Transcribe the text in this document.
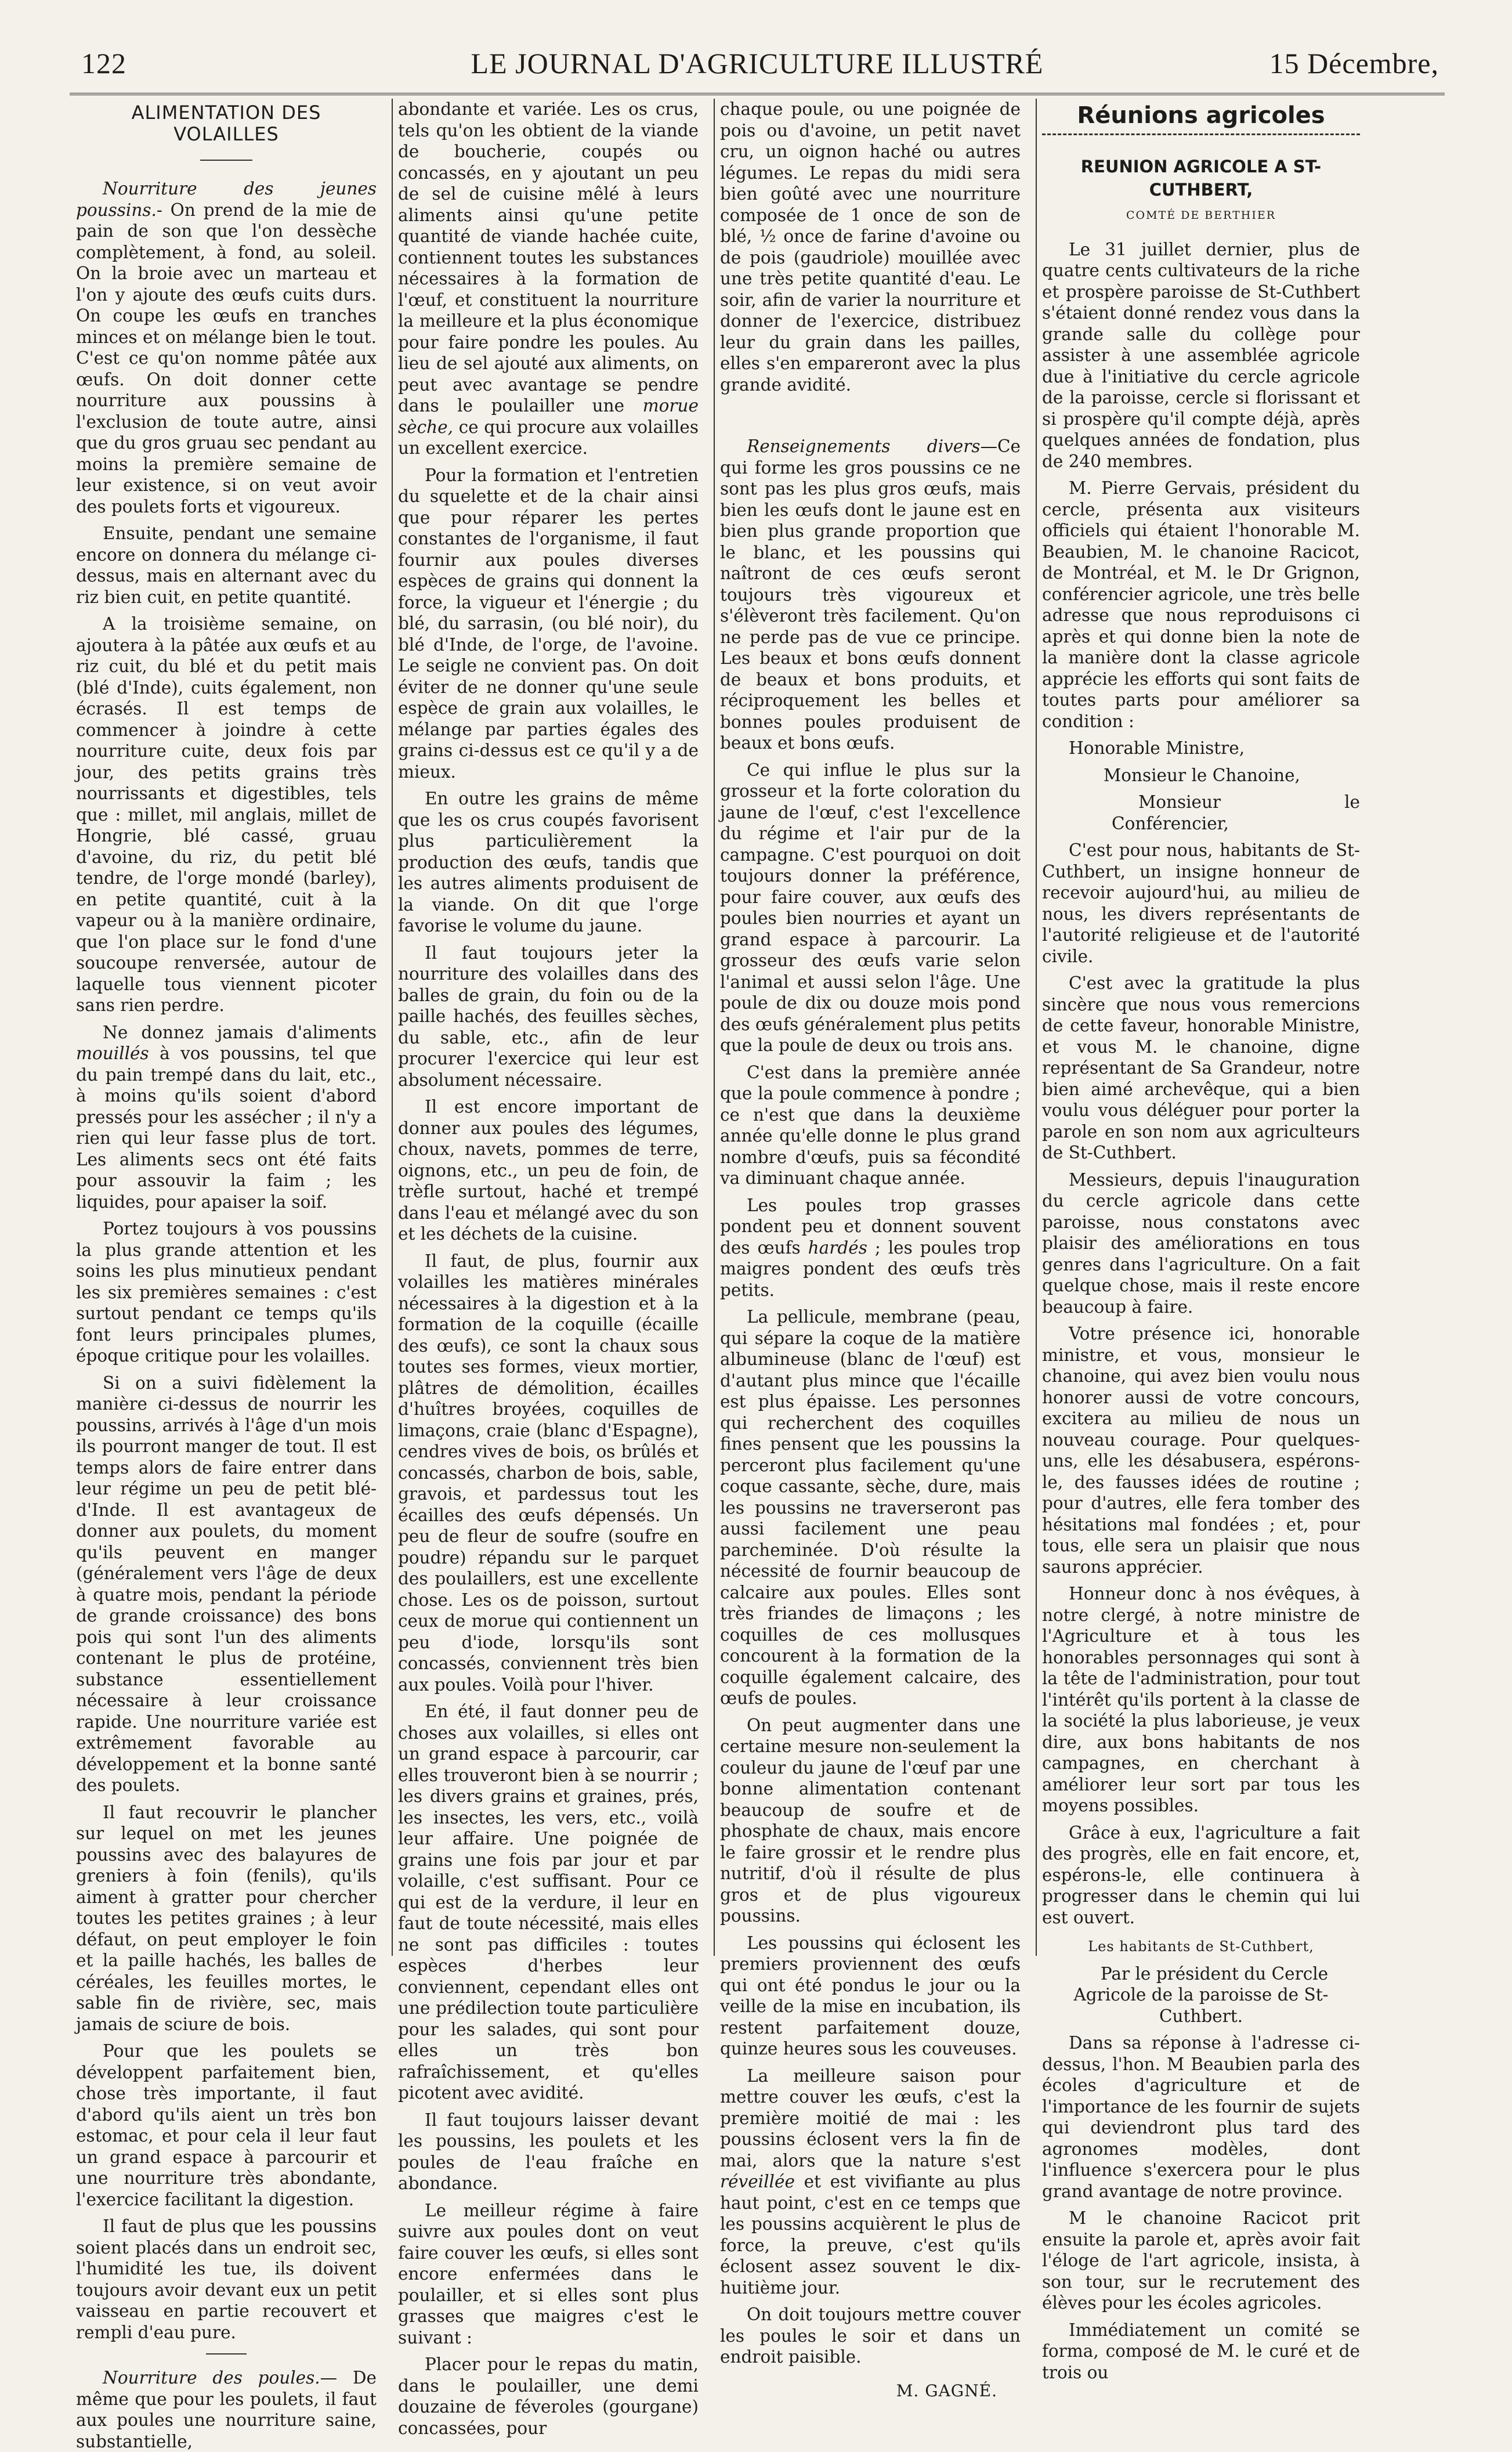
122	LE JOURNAL D'AGRICULTURE ILLUSTRÉ	15 Décembre,
ALIMENTATION DES VOLAILLES

Nourriture des jeunes poussins.- On prend de la mie de pain de son que l'on dessèche complètement, à fond, au soleil. On la broie avec un marteau et l'on y ajoute des œufs cuits durs. On coupe les œufs en tranches minces et on mélange bien le tout. C'est ce qu'on nomme pâtée aux œufs. On doit donner cette nourriture aux poussins à l'exclusion de toute autre, ainsi que du gros gruau sec pendant au moins la première semaine de leur existence, si on veut avoir des poulets forts et vigoureux.

Ensuite, pendant une semaine encore on donnera du mélange ci-dessus, mais en alternant avec du riz bien cuit, en petite quantité.

A la troisième semaine, on ajoutera à la pâtée aux œufs et au riz cuit, du blé et du petit mais (blé d'Inde), cuits également, non écrasés. Il est temps de commencer à joindre à cette nourriture cuite, deux fois par jour, des petits grains très nourrissants et digestibles, tels que : millet, mil anglais, millet de Hongrie, blé cassé, gruau d'avoine, du riz, du petit blé tendre, de l'orge mondé (barley), en petite quantité, cuit à la vapeur ou à la manière ordinaire, que l'on place sur le fond d'une soucoupe renversée, autour de laquelle tous viennent picoter sans rien perdre.

Ne donnez jamais d'aliments mouillés à vos poussins, tel que du pain trempé dans du lait, etc., à moins qu'ils soient d'abord pressés pour les assécher ; il n'y a rien qui leur fasse plus de tort. Les aliments secs ont été faits pour assouvir la faim ; les liquides, pour apaiser la soif.

Portez toujours à vos poussins la plus grande attention et les soins les plus minutieux pendant les six premières semaines : c'est surtout pendant ce temps qu'ils font leurs principales plumes, époque critique pour les volailles.

Si on a suivi fidèlement la manière ci-dessus de nourrir les poussins, arrivés à l'âge d'un mois ils pourront manger de tout. Il est temps alors de faire entrer dans leur régime un peu de petit blé-d'Inde. Il est avantageux de donner aux poulets, du moment qu'ils peuvent en manger (généralement vers l'âge de deux à quatre mois, pendant la période de grande croissance) des bons pois qui sont l'un des aliments contenant le plus de protéine, substance essentiellement nécessaire à leur croissance rapide. Une nourriture variée est extrêmement favorable au développement et la bonne santé des poulets.

Il faut recouvrir le plancher sur lequel on met les jeunes poussins avec des balayures de greniers à foin (fenils), qu'ils aiment à gratter pour chercher toutes les petites graines ; à leur défaut, on peut employer le foin et la paille hachés, les balles de céréales, les feuilles mortes, le sable fin de rivière, sec, mais jamais de sciure de bois.

Pour que les poulets se développent parfaitement bien, chose très importante, il faut d'abord qu'ils aient un très bon estomac, et pour cela il leur faut un grand espace à parcourir et une nourriture très abondante, l'exercice facilitant la digestion.

Il faut de plus que les poussins soient placés dans un endroit sec, l'humidité les tue, ils doivent toujours avoir devant eux un petit vaisseau en partie recouvert et rempli d'eau pure.

Nourriture des poules.— De même que pour les poulets, il faut aux poules une nourriture saine, substantielle,

abondante et variée. Les os crus, tels qu'on les obtient de la viande de boucherie, coupés ou concassés, en y ajoutant un peu de sel de cuisine mêlé à leurs aliments ainsi qu'une petite quantité de viande hachée cuite, contiennent toutes les substances nécessaires à la formation de l'œuf, et constituent la nourriture la meilleure et la plus économique pour faire pondre les poules. Au lieu de sel ajouté aux aliments, on peut avec avantage se pendre dans le poulailler une morue sèche, ce qui procure aux volailles un excellent exercice.

Pour la formation et l'entretien du squelette et de la chair ainsi que pour réparer les pertes constantes de l'organisme, il faut fournir aux poules diverses espèces de grains qui donnent la force, la vigueur et l'énergie ; du blé, du sarrasin, (ou blé noir), du blé d'Inde, de l'orge, de l'avoine. Le seigle ne convient pas. On doit éviter de ne donner qu'une seule espèce de grain aux volailles, le mélange par parties égales des grains ci-dessus est ce qu'il y a de mieux.

En outre les grains de même que les os crus coupés favorisent plus particulièrement la production des œufs, tandis que les autres aliments produisent de la viande. On dit que l'orge favorise le volume du jaune.

Il faut toujours jeter la nourriture des volailles dans des balles de grain, du foin ou de la paille hachés, des feuilles sèches, du sable, etc., afin de leur procurer l'exercice qui leur est absolument nécessaire.

Il est encore important de donner aux poules des légumes, choux, navets, pommes de terre, oignons, etc., un peu de foin, de trèfle surtout, haché et trempé dans l'eau et mélangé avec du son et les déchets de la cuisine.

Il faut, de plus, fournir aux volailles les matières minérales nécessaires à la digestion et à la formation de la coquille (écaille des œufs), ce sont la chaux sous toutes ses formes, vieux mortier, plâtres de démolition, écailles d'huîtres broyées, coquilles de limaçons, craie (blanc d'Espagne), cendres vives de bois, os brûlés et concassés, charbon de bois, sable, gravois, et pardessus tout les écailles des œufs dépensés. Un peu de fleur de soufre (soufre en poudre) répandu sur le parquet des poulaillers, est une excellente chose. Les os de poisson, surtout ceux de morue qui contiennent un peu d'iode, lorsqu'ils sont concassés, conviennent très bien aux poules. Voilà pour l'hiver.

En été, il faut donner peu de choses aux volailles, si elles ont un grand espace à parcourir, car elles trouveront bien à se nourrir ; les divers grains et graines, prés, les insectes, les vers, etc., voilà leur affaire. Une poignée de grains une fois par jour et par volaille, c'est suffisant. Pour ce qui est de la verdure, il leur en faut de toute nécessité, mais elles ne sont pas difficiles : toutes espèces d'herbes leur conviennent, cependant elles ont une prédilection toute particulière pour les salades, qui sont pour elles un très bon rafraîchissement, et qu'elles picotent avec avidité.

Il faut toujours laisser devant les poussins, les poulets et les poules de l'eau fraîche en abondance.

Le meilleur régime à faire suivre aux poules dont on veut faire couver les œufs, si elles sont encore enfermées dans le poulailler, et si elles sont plus grasses que maigres c'est le suivant :

Placer pour le repas du matin, dans le poulailler, une demi douzaine de féveroles (gourgane) concassées, pour

chaque poule, ou une poignée de pois ou d'avoine, un petit navet cru, un oignon haché ou autres légumes. Le repas du midi sera bien goûté avec une nourriture composée de 1 once de son de blé, ½ once de farine d'avoine ou de pois (gaudriole) mouillée avec une très petite quantité d'eau. Le soir, afin de varier la nourriture et donner de l'exercice, distribuez leur du grain dans les pailles, elles s'en empareront avec la plus grande avidité.

Renseignements divers—Ce qui forme les gros poussins ce ne sont pas les plus gros œufs, mais bien les œufs dont le jaune est en bien plus grande proportion que le blanc, et les poussins qui naîtront de ces œufs seront toujours très vigoureux et s'élèveront très facilement. Qu'on ne perde pas de vue ce principe. Les beaux et bons œufs donnent de beaux et bons produits, et réciproquement les belles et bonnes poules produisent de beaux et bons œufs.

Ce qui influe le plus sur la grosseur et la forte coloration du jaune de l'œuf, c'est l'excellence du régime et l'air pur de la campagne. C'est pourquoi on doit toujours donner la préférence, pour faire couver, aux œufs des poules bien nourries et ayant un grand espace à parcourir. La grosseur des œufs varie selon l'animal et aussi selon l'âge. Une poule de dix ou douze mois pond des œufs généralement plus petits que la poule de deux ou trois ans.

C'est dans la première année que la poule commence à pondre ; ce n'est que dans la deuxième année qu'elle donne le plus grand nombre d'œufs, puis sa fécondité va diminuant chaque année.

Les poules trop grasses pondent peu et donnent souvent des œufs hardés ; les poules trop maigres pondent des œufs très petits.

La pellicule, membrane (peau, qui sépare la coque de la matière albumineuse (blanc de l'œuf) est d'autant plus mince que l'écaille est plus épaisse. Les personnes qui recherchent des coquilles fines pensent que les poussins la perceront plus facilement qu'une coque cassante, sèche, dure, mais les poussins ne traverseront pas aussi facilement une peau parcheminée. D'où résulte la nécessité de fournir beaucoup de calcaire aux poules. Elles sont très friandes de limaçons ; les coquilles de ces mollusques concourent à la formation de la coquille également calcaire, des œufs de poules.

On peut augmenter dans une certaine mesure non-seulement la couleur du jaune de l'œuf par une bonne alimentation contenant beaucoup de soufre et de phosphate de chaux, mais encore le faire grossir et le rendre plus nutritif, d'où il résulte de plus gros et de plus vigoureux poussins.

Les poussins qui éclosent les premiers proviennent des œufs qui ont été pondus le jour ou la veille de la mise en incubation, ils restent parfaitement douze, quinze heures sous les couveuses.

La meilleure saison pour mettre couver les œufs, c'est la première moitié de mai : les poussins éclosent vers la fin de mai, alors que la nature s'est réveillée et est vivifiante au plus haut point, c'est en ce temps que les poussins acquièrent le plus de force, la preuve, c'est qu'ils éclosent assez souvent le dix-huitième jour.

On doit toujours mettre couver les poules le soir et dans un endroit paisible.

M. GAGNÉ.
Réunions agricoles
REUNION AGRICOLE A ST-CUTHBERT,
COMTÉ DE BERTHIER

Le 31 juillet dernier, plus de quatre cents cultivateurs de la riche et prospère paroisse de St-Cuthbert s'étaient donné rendez vous dans la grande salle du collège pour assister à une assemblée agricole due à l'initiative du cercle agricole de la paroisse, cercle si florissant et si prospère qu'il compte déjà, après quelques années de fondation, plus de 240 membres.

M. Pierre Gervais, président du cercle, présenta aux visiteurs officiels qui étaient l'honorable M. Beaubien, M. le chanoine Racicot, de Montréal, et M. le Dr Grignon, conférencier agricole, une très belle adresse que nous reproduisons ci après et qui donne bien la note de la manière dont la classe agricole apprécie les efforts qui sont faits de toutes parts pour améliorer sa condition :

Honorable Ministre,

Monsieur le Chanoine,

Monsieur le Conférencier,

C'est pour nous, habitants de St-Cuthbert, un insigne honneur de recevoir aujourd'hui, au milieu de nous, les divers représentants de l'autorité religieuse et de l'autorité civile.

C'est avec la gratitude la plus sincère que nous vous remercions de cette faveur, honorable Ministre, et vous M. le chanoine, digne représentant de Sa Grandeur, notre bien aimé archevêque, qui a bien voulu vous déléguer pour porter la parole en son nom aux agriculteurs de St-Cuthbert.

Messieurs, depuis l'inauguration du cercle agricole dans cette paroisse, nous constatons avec plaisir des améliorations en tous genres dans l'agriculture. On a fait quelque chose, mais il reste encore beaucoup à faire.

Votre présence ici, honorable ministre, et vous, monsieur le chanoine, qui avez bien voulu nous honorer aussi de votre concours, excitera au milieu de nous un nouveau courage. Pour quelques-uns, elle les désabusera, espérons-le, des fausses idées de routine ; pour d'autres, elle fera tomber des hésitations mal fondées ; et, pour tous, elle sera un plaisir que nous saurons apprécier.

Honneur donc à nos évêques, à notre clergé, à notre ministre de l'Agriculture et à tous les honorables personnages qui sont à la tête de l'administration, pour tout l'intérêt qu'ils portent à la classe de la société la plus laborieuse, je veux dire, aux bons habitants de nos campagnes, en cherchant à améliorer leur sort par tous les moyens possibles.

Grâce à eux, l'agriculture a fait des progrès, elle en fait encore, et, espérons-le, elle continuera à progresser dans le chemin qui lui est ouvert.

Les habitants de St-Cuthbert,

Par le président du Cercle Agricole de la paroisse de St-Cuthbert.

Dans sa réponse à l'adresse ci-dessus, l'hon. M Beaubien parla des écoles d'agriculture et de l'importance de les fournir de sujets qui deviendront plus tard des agronomes modèles, dont l'influence s'exercera pour le plus grand avantage de notre province.

M le chanoine Racicot prit ensuite la parole et, après avoir fait l'éloge de l'art agricole, insista, à son tour, sur le recrutement des élèves pour les écoles agricoles.

Immédiatement un comité se forma, composé de M. le curé et de trois ou
